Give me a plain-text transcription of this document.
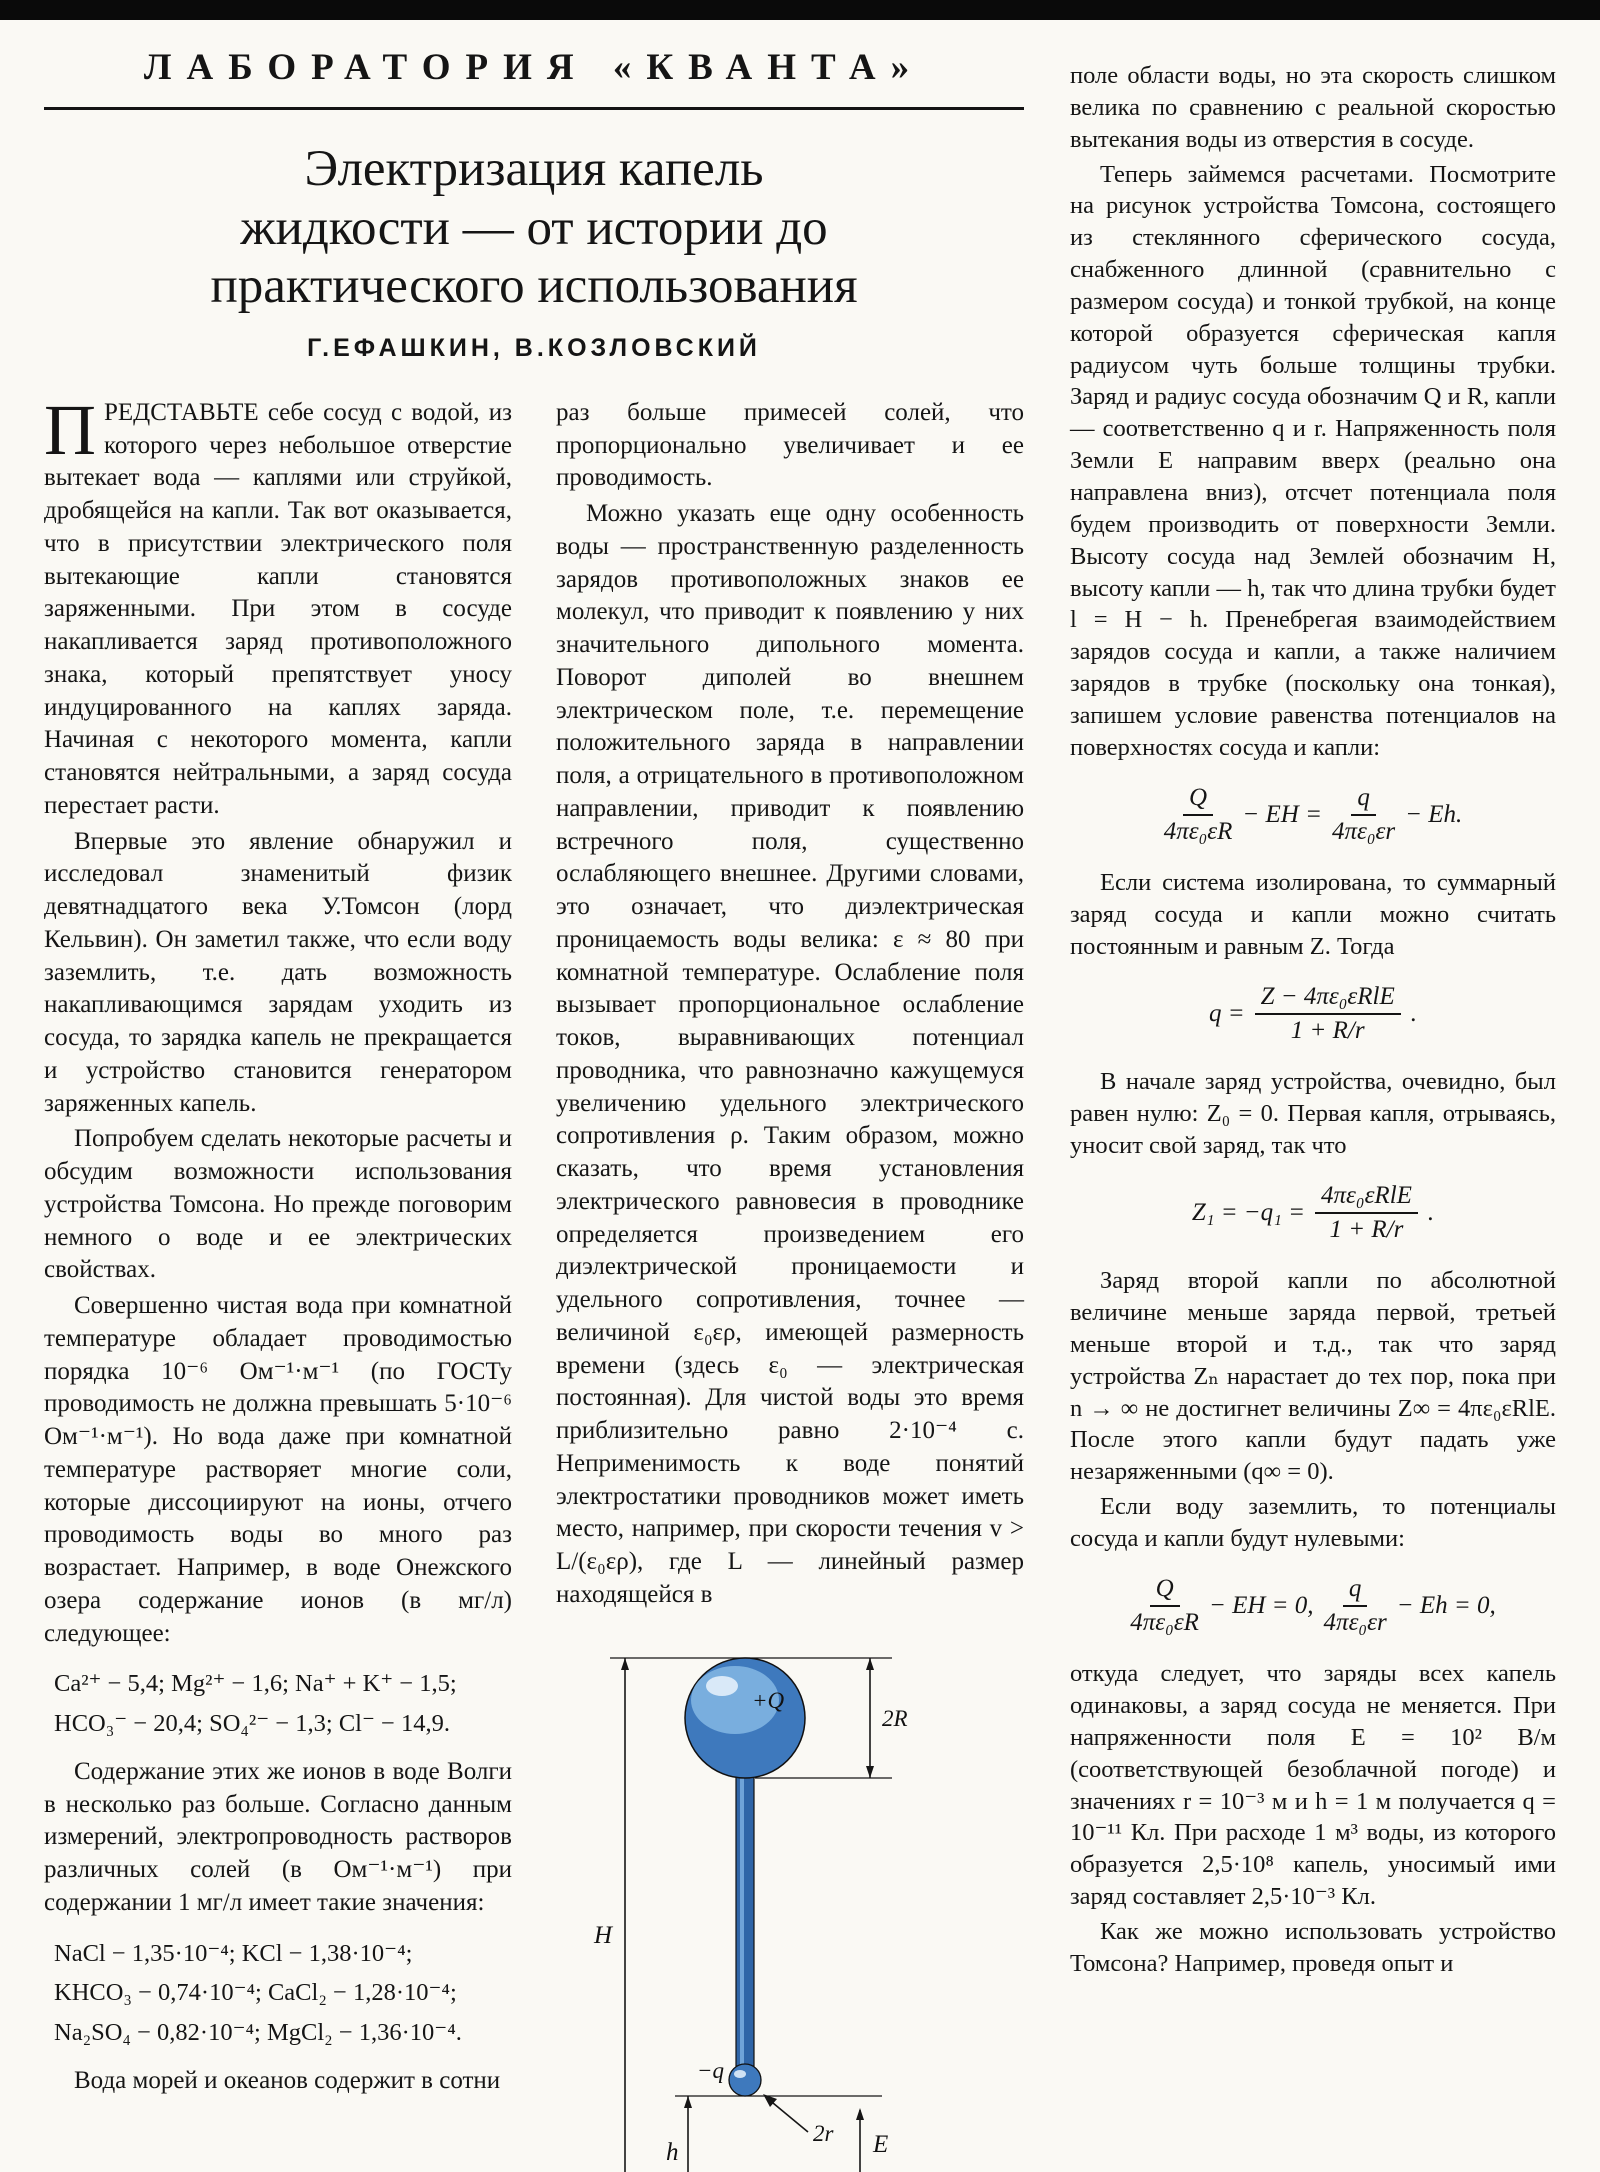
ЛАБОРАТОРИЯ «КВАНТА»
Электризация капель
жидкости — от истории до
практического использования
Г.ЕФАШКИН, В.КОЗЛОВСКИЙ

ПРЕДСТАВЬТЕ себе сосуд с водой, из которого через небольшое отверстие вытекает вода — каплями или струйкой, дробящейся на капли. Так вот оказывается, что в присутствии электрического поля вытекающие капли становятся заряженными. При этом в сосуде накапливается заряд противоположного знака, который препятствует уносу индуцированного на каплях заряда. Начиная с некоторого момента, капли становятся нейтральными, а заряд сосуда перестает расти.

Впервые это явление обнаружил и исследовал знаменитый физик девятнадцатого века У.Томсон (лорд Кельвин). Он заметил также, что если воду заземлить, т.е. дать возможность накапливающимся зарядам уходить из сосуда, то зарядка капель не прекращается и устройство становится генератором заряженных капель.

Попробуем сделать некоторые расчеты и обсудим возможности использования устройства Томсона. Но прежде поговорим немного о воде и ее электрических свойствах.

Совершенно чистая вода при комнатной температуре обладает проводимостью порядка 10⁻⁶ Ом⁻¹·м⁻¹ (по ГОСТу проводимость не должна превышать 5·10⁻⁶ Ом⁻¹·м⁻¹). Но вода даже при комнатной температуре растворяет многие соли, которые диссоциируют на ионы, отчего проводимость воды во много раз возрастает. Например, в воде Онежского озера содержание ионов (в мг/л) следующее:

Ca²⁺ − 5,4; Mg²⁺ − 1,6; Na⁺ + K⁺ − 1,5;
HCO₃⁻ − 20,4; SO₄²⁻ − 1,3; Cl⁻ − 14,9.

Содержание этих же ионов в воде Волги в несколько раз больше. Согласно данным измерений, электропроводность растворов различных солей (в Ом⁻¹·м⁻¹) при содержании 1 мг/л имеет такие значения:

NaCl − 1,35·10⁻⁴; KCl − 1,38·10⁻⁴;
KHCO₃ − 0,74·10⁻⁴; CaCl₂ − 1,28·10⁻⁴;
Na₂SO₄ − 0,82·10⁻⁴; MgCl₂ − 1,36·10⁻⁴.

Вода морей и океанов содержит в сотни

раз больше примесей солей, что пропорционально увеличивает и ее проводимость.

Можно указать еще одну особенность воды — пространственную разделенность зарядов противоположных знаков ее молекул, что приводит к появлению у них значительного дипольного момента. Поворот диполей во внешнем электрическом поле, т.е. перемещение положительного заряда в направлении поля, а отрицательного в противоположном направлении, приводит к появлению встречного поля, существенно ослабляющего внешнее. Другими словами, это означает, что диэлектрическая проницаемость воды велика: ε ≈ 80 при комнатной температуре. Ослабление поля вызывает пропорциональное ослабление токов, выравнивающих потенциал проводника, что равнозначно кажущемуся увеличению удельного электрического сопротивления ρ. Таким образом, можно сказать, что время установления электрического равновесия в проводнике определяется произведением его диэлектрической проницаемости и удельного сопротивления, точнее — величиной ε₀ερ, имеющей размерность времени (здесь ε₀ — электрическая постоянная). Для чистой воды это время приблизительно равно 2·10⁻⁴ с. Неприменимость к воде понятий электростатики проводников может иметь место, например, при скорости течения v > L/(ε₀ερ), где L — линейный размер находящейся в

2R
H
+Q
−q
h
2r E

поле области воды, но эта скорость слишком велика по сравнению с реальной скоростью вытекания воды из отверстия в сосуде.

Теперь займемся расчетами. Посмотрите на рисунок устройства Томсона, состоящего из стеклянного сферического сосуда, снабженного длинной (сравнительно с размером сосуда) и тонкой трубкой, на конце которой образуется сферическая капля радиусом чуть больше толщины трубки. Заряд и радиус сосуда обозначим Q и R, капли — соответственно q и r. Напряженность поля Земли E направим вверх (реально она направлена вниз), отсчет потенциала поля будем производить от поверхности Земли. Высоту сосуда над Землей обозначим H, высоту капли — h, так что длина трубки будет l = H − h. Пренебрегая взаимодействием зарядов сосуда и капли, а также наличием зарядов в трубке (поскольку она тонкая), запишем условие равенства потенциалов на поверхностях сосуда и капли:

$\frac{Q}{\text{4πε₀εR}}$ − EH = $\frac{q}{\text{4πε₀εr}} - Eh$.

Если система изолирована, то суммарный заряд сосуда и капли можно считать постоянным и равным Z. Тогда

$q = \frac{\text{Z − 4πε₀εRlE}}{1 + R/r}$ .

В начале заряд устройства, очевидно, был равен нулю: Z₀ = 0. Первая капля, отрываясь, уносит свой заряд, так что

$Z_1 = -q_1 = \frac{\text{4πε₀εRlE}}{1 + R/r}$ .

Заряд второй капли по абсолютной величине меньше заряда первой, третьей меньше второй и т.д., так что заряд устройства Zₙ нарастает до тех пор, пока при n → ∞ не достигнет величины Z∞ = 4πε₀εRlE. После этого капли будут падать уже незаряженными (q∞ = 0).

Если воду заземлить, то потенциалы сосуда и капли будут нулевыми:

$\frac{Q}{\text{4πε₀εR}}$ − EH = 0, $\frac{q}{\text{4πε₀εr}} - Eh = 0$,

откуда следует, что заряды всех капель одинаковы, а заряд сосуда не меняется. При напряженности поля E = 10² В/м (соответствующей безоблачной погоде) и значениях r = 10⁻³ м и h = 1 м получается q = 10⁻¹¹ Кл. При расходе 1 м³ воды, из которого образуется 2,5·10⁸ капель, уносимый ими заряд составляет 2,5·10⁻³ Кл.

Как же можно использовать устройство Томсона? Например, проведя опыт и
